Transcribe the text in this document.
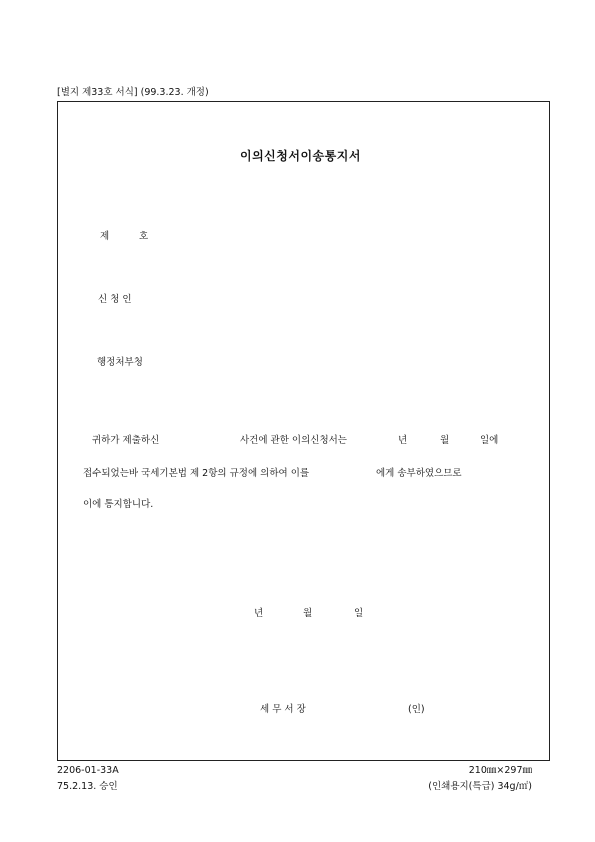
[별지 제33호 서식] (99.3.23. 개정)
이의신청서이송통지서
제	호
신 청 인
행정처부청
귀하가 제출하신	사건에 관한 이의신청서는	년	월	일에
접수되었는바 국세기본법 제 2항의 규정에 의하여 이를	에게 송부하였으므로
이에 통지합니다.
년	월	일
세 무 서 장	(인)
2206-01-33A
75.2.13. 승인
210㎜×297㎜
(인쇄용지(특급) 34g/㎡)
